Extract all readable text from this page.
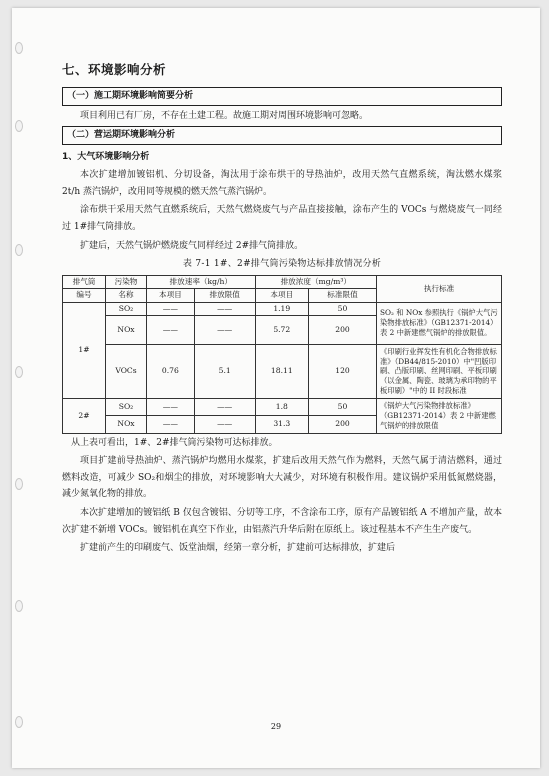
七、环境影响分析
（一）施工期环境影响简要分析

项目利用已有厂房，不存在土建工程。故施工期对周围环境影响可忽略。

（二）营运期环境影响分析
1、大气环境影响分析

本次扩建增加镀铝机、分切设备，淘汰用于涂布烘干的导热油炉，改用天然气直燃系统，淘汰燃水煤浆 2t/h 蒸汽锅炉，改用同等规模的燃天然气蒸汽锅炉。

涂布烘干采用天然气直燃系统后，天然气燃烧废气与产品直接接触，涂布产生的 VOCs 与燃烧废气一同经过 1#排气筒排放。

扩建后，天然气锅炉燃烧废气同样经过 2#排气筒排放。

表 7-1 1#、2#排气筒污染物达标排放情况分析
排气筒	污染物	排放速率（kg/h）		排放浓度（mg/m³）		执行标准
编号	名称	本项目	排放限值	本项目	标准限值	
1#	SO₂	——	——	1.19	50	SO₂ 和 NOx 参照执行《锅炉大气污染物排放标准》（GB12371-2014）表 2 中新建燃气锅炉的排放限值。
	NOx	——	——	5.72	200	
	VOCs	0.76	5.1	18.11	120	《印刷行业挥发性有机化合物排放标准》（DB44/815-2010）中"凹版印刷、凸版印刷、丝网印刷、平板印刷（以金属、陶瓷、玻璃为承印物的平板印刷）"中的 II 时段标准
2#	SO₂	——	——	1.8	50	《锅炉大气污染物排放标准》（GB12371-2014）表 2 中新建燃气锅炉的排放限值
	NOx	——	——	31.3	200	
从上表可看出，1#、2#排气筒污染物可达标排放。

项目扩建前导热油炉、蒸汽锅炉均燃用水煤浆，扩建后改用天然气作为燃料，天然气属于清洁燃料，通过燃料改造，可减少 SO₂和烟尘的排放，对环境影响大大减少，对环境有积极作用。建议锅炉采用低氮燃烧器，减少氮氧化物的排放。

本次扩建增加的镀铝纸 B 仅包含镀铝、分切等工序，不含涂布工序，原有产品镀铝纸 A 不增加产量，故本次扩建不新增 VOCs。镀铝机在真空下作业，由铝蒸汽升华后附在原纸上。该过程基本不产生生产废气。

扩建前产生的印刷废气、饭堂油烟，经第一章分析，扩建前可达标排放，扩建后

29
